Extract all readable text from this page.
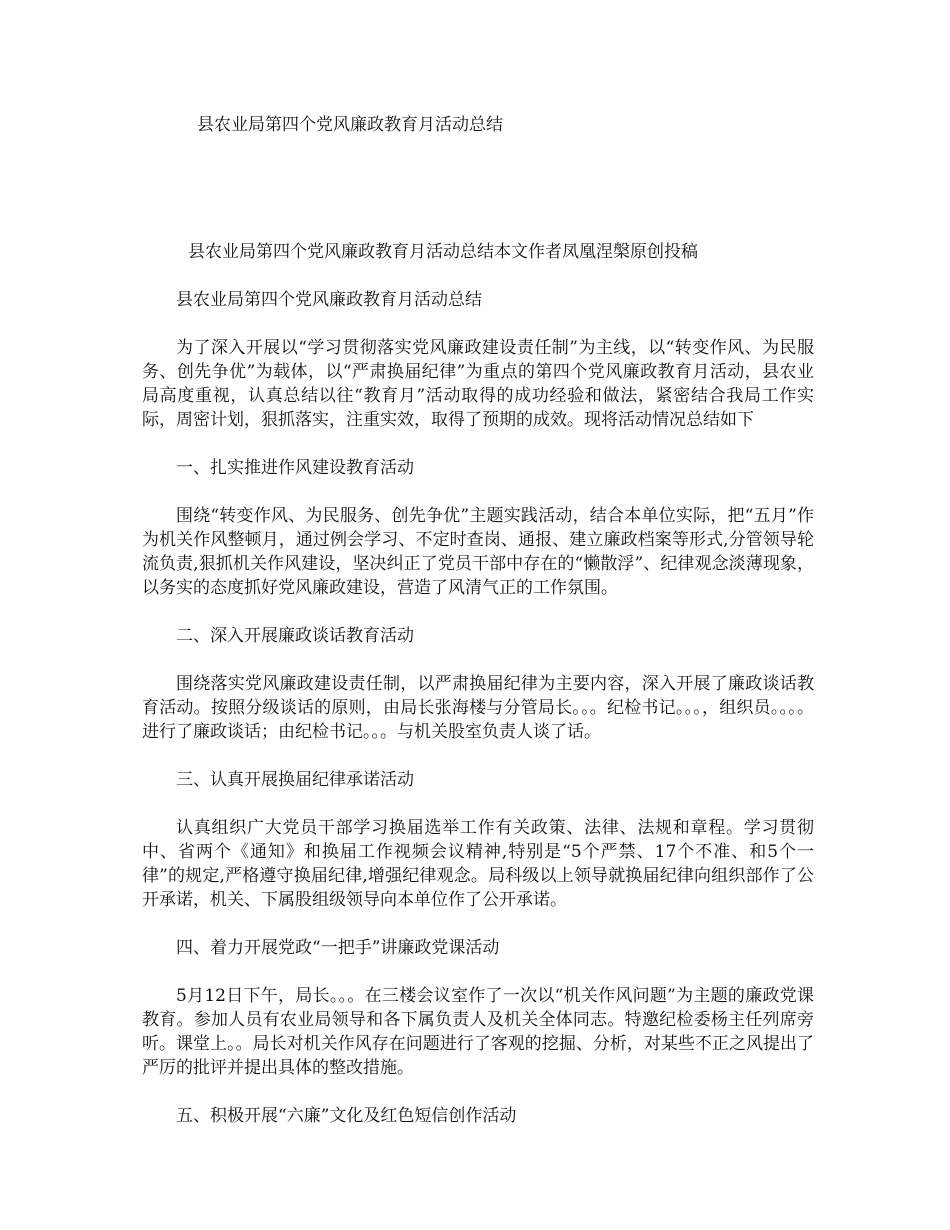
县农业局第四个党风廉政教育月活动总结

县农业局第四个党风廉政教育月活动总结本文作者凤凰涅槃原创投稿

县农业局第四个党风廉政教育月活动总结

为了深入开展以“学习贯彻落实党风廉政建设责任制”为主线，以“转变作风、为民服务、创先争优”为载体，以“严肃换届纪律”为重点的第四个党风廉政教育月活动，县农业局高度重视，认真总结以往“教育月”活动取得的成功经验和做法，紧密结合我局工作实际，周密计划，狠抓落实，注重实效，取得了预期的成效。现将活动情况总结如下

一、扎实推进作风建设教育活动

围绕“转变作风、为民服务、创先争优”主题实践活动，结合本单位实际，把“五月”作为机关作风整顿月，通过例会学习、不定时查岗、通报、建立廉政档案等形式,分管领导轮流负责,狠抓机关作风建设，坚决纠正了党员干部中存在的“懒散浮”、纪律观念淡薄现象，以务实的态度抓好党风廉政建设，营造了风清气正的工作氛围。

二、深入开展廉政谈话教育活动

围绕落实党风廉政建设责任制，以严肃换届纪律为主要内容，深入开展了廉政谈话教育活动。按照分级谈话的原则，由局长张海楼与分管局长。。。纪检书记。。。，组织员。。。。进行了廉政谈话；由纪检书记。。。与机关股室负责人谈了话。

三、认真开展换届纪律承诺活动

认真组织广大党员干部学习换届选举工作有关政策、法律、法规和章程。学习贯彻中、省两个《通知》和换届工作视频会议精神,特别是“5个严禁、17个不准、和5个一律”的规定,严格遵守换届纪律,增强纪律观念。局科级以上领导就换届纪律向组织部作了公开承诺，机关、下属股组级领导向本单位作了公开承诺。

四、着力开展党政“一把手”讲廉政党课活动

5月12日下午，局长。。。在三楼会议室作了一次以“机关作风问题”为主题的廉政党课教育。参加人员有农业局领导和各下属负责人及机关全体同志。特邀纪检委杨主任列席旁听。课堂上。。局长对机关作风存在问题进行了客观的挖掘、分析，对某些不正之风提出了严厉的批评并提出具体的整改措施。

五、积极开展“六廉”文化及红色短信创作活动
